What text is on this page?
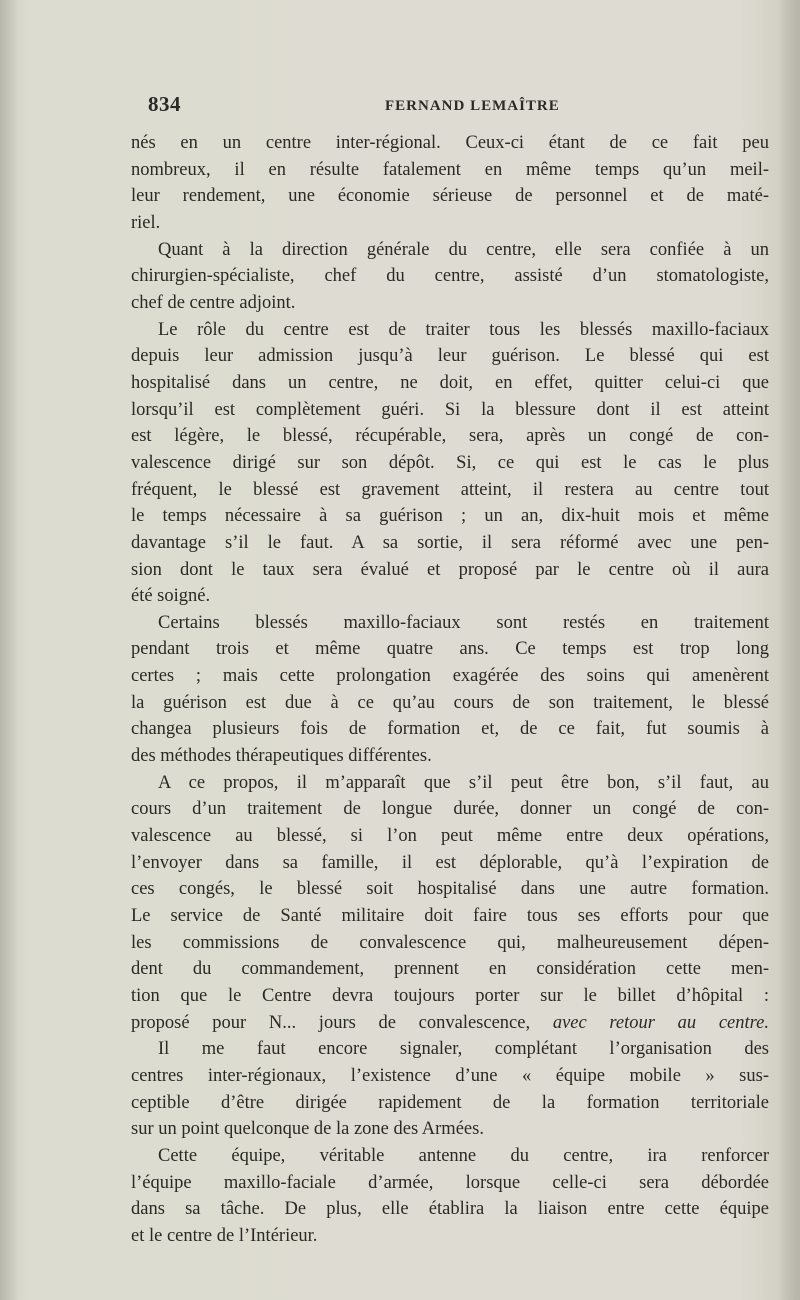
834	FERNAND LEMAÎTRE
nés en un centre inter-régional. Ceux-ci étant de ce fait peu
nombreux, il en résulte fatalement en même temps qu’un meil-
leur rendement, une économie sérieuse de personnel et de maté-
riel.
Quant à la direction générale du centre, elle sera confiée à un
chirurgien-spécialiste, chef du centre, assisté d’un stomatologiste,
chef de centre adjoint.
Le rôle du centre est de traiter tous les blessés maxillo-faciaux
depuis leur admission jusqu’à leur guérison. Le blessé qui est
hospitalisé dans un centre, ne doit, en effet, quitter celui-ci que
lorsqu’il est complètement guéri. Si la blessure dont il est atteint
est légère, le blessé, récupérable, sera, après un congé de con-
valescence dirigé sur son dépôt. Si, ce qui est le cas le plus
fréquent, le blessé est gravement atteint, il restera au centre tout
le temps nécessaire à sa guérison ; un an, dix-huit mois et même
davantage s’il le faut. A sa sortie, il sera réformé avec une pen-
sion dont le taux sera évalué et proposé par le centre où il aura
été soigné.
Certains blessés maxillo-faciaux sont restés en traitement
pendant trois et même quatre ans. Ce temps est trop long
certes ; mais cette prolongation exagérée des soins qui amenèrent
la guérison est due à ce qu’au cours de son traitement, le blessé
changea plusieurs fois de formation et, de ce fait, fut soumis à
des méthodes thérapeutiques différentes.
A ce propos, il m’apparaît que s’il peut être bon, s’il faut, au
cours d’un traitement de longue durée, donner un congé de con-
valescence au blessé, si l’on peut même entre deux opérations,
l’envoyer dans sa famille, il est déplorable, qu’à l’expiration de
ces congés, le blessé soit hospitalisé dans une autre formation.
Le service de Santé militaire doit faire tous ses efforts pour que
les commissions de convalescence qui, malheureusement dépen-
dent du commandement, prennent en considération cette men-
tion que le Centre devra toujours porter sur le billet d’hôpital :
proposé pour N... jours de convalescence, avec retour au centre.
Il me faut encore signaler, complétant l’organisation des
centres inter-régionaux, l’existence d’une « équipe mobile » sus-
ceptible d’être dirigée rapidement de la formation territoriale
sur un point quelconque de la zone des Armées.
Cette équipe, véritable antenne du centre, ira renforcer
l’équipe maxillo-faciale d’armée, lorsque celle-ci sera débordée
dans sa tâche. De plus, elle établira la liaison entre cette équipe
et le centre de l’Intérieur.
